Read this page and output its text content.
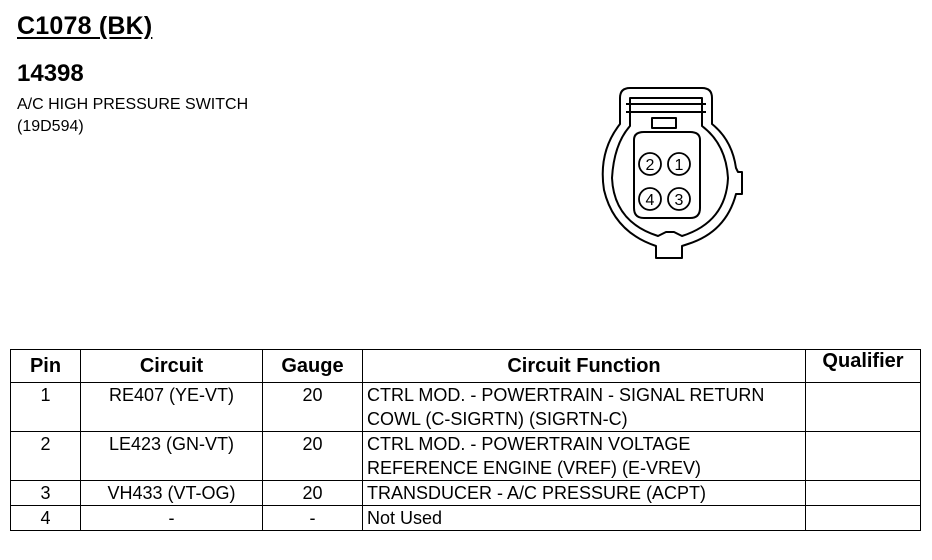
C1078 (BK)
14398
A/C HIGH PRESSURE SWITCH
(19D594)
2 1
4 3
Pin	Circuit	Gauge	Circuit Function	Qualifier
1	RE407 (YE-VT)	20	CTRL MOD. - POWERTRAIN - SIGNAL RETURN
COWL (C-SIGRTN) (SIGRTN-C)	

2	LE423 (GN-VT)	20	CTRL MOD. - POWERTRAIN VOLTAGE
REFERENCE ENGINE (VREF) (E-VREV)	

3	VH433 (VT-OG)	20	TRANSDUCER - A/C PRESSURE (ACPT)	

4	-	-	Not Used	
